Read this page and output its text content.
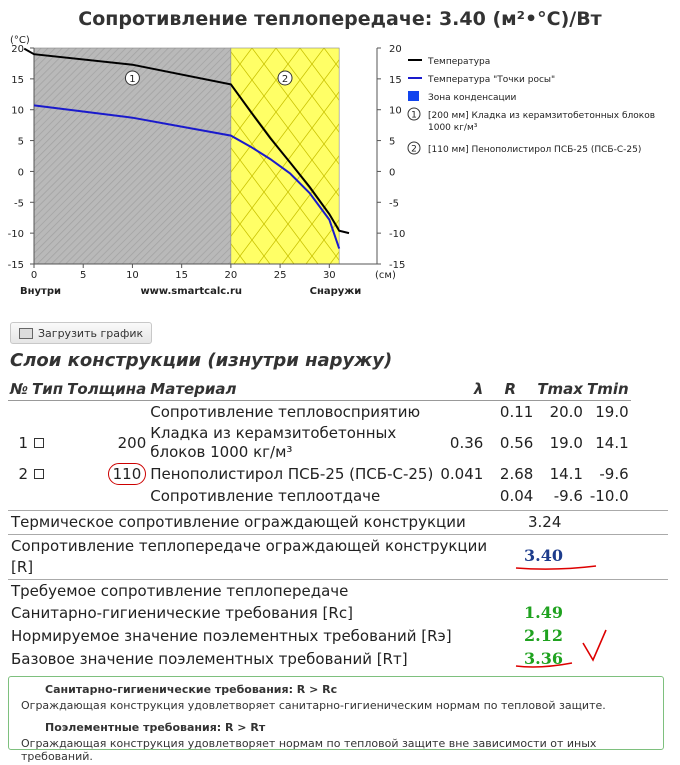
Сопротивление теплопередаче: 3.40 (м²•°С)/Вт
20	20
15	15
10	10
5	5
0	0
-5	-5
-10	-10
-15	-15
0	5	10	15	20	25	30
(°C)
(см)
Внутри	www.smartcalc.ru	Снаружи
1	2
Температура
Температура "Точки росы"
Зона конденсации
1 [200 мм] Кладка из керамзитобетонных блоков
1000 кг/м³
2 [110 мм] Пенополистирол ПСБ-25 (ПСБ-С-25)
Загрузить график
Слои конструкции (изнутри наружу)
№	Тип	Толщина	Материал	λ	R	Tmax	Tmin
			Сопротивление тепловосприятию		0.11	20.0	19.0
1		200	Кладка из керамзитобетонных
блоков 1000 кг/м³	0.36	0.56	19.0	14.1
2		110	Пенополистирол ПСБ-25 (ПСБ-С-25)	0.041	2.68	14.1	-9.6
			Сопротивление теплоотдаче		0.04	-9.6	-10.0
Термическое сопротивление ограждающей конструкции	3.24
Сопротивление теплопередаче ограждающей конструкции
[R]
3.40
Требуемое сопротивление теплопередаче
Санитарно-гигиенические требования [Rc]	1.49
Нормируемое значение поэлементных требований [Rэ]	2.12
Базовое значение поэлементных требований [Rт]	3.36
Санитарно-гигиенические требования: R > Rc
Ограждающая конструкция удовлетворяет санитарно-гигиеническим нормам по тепловой защите.
Поэлементные требования: R > Rт
Ограждающая конструкция удовлетворяет нормам по тепловой защите вне зависимости от иных требований.
